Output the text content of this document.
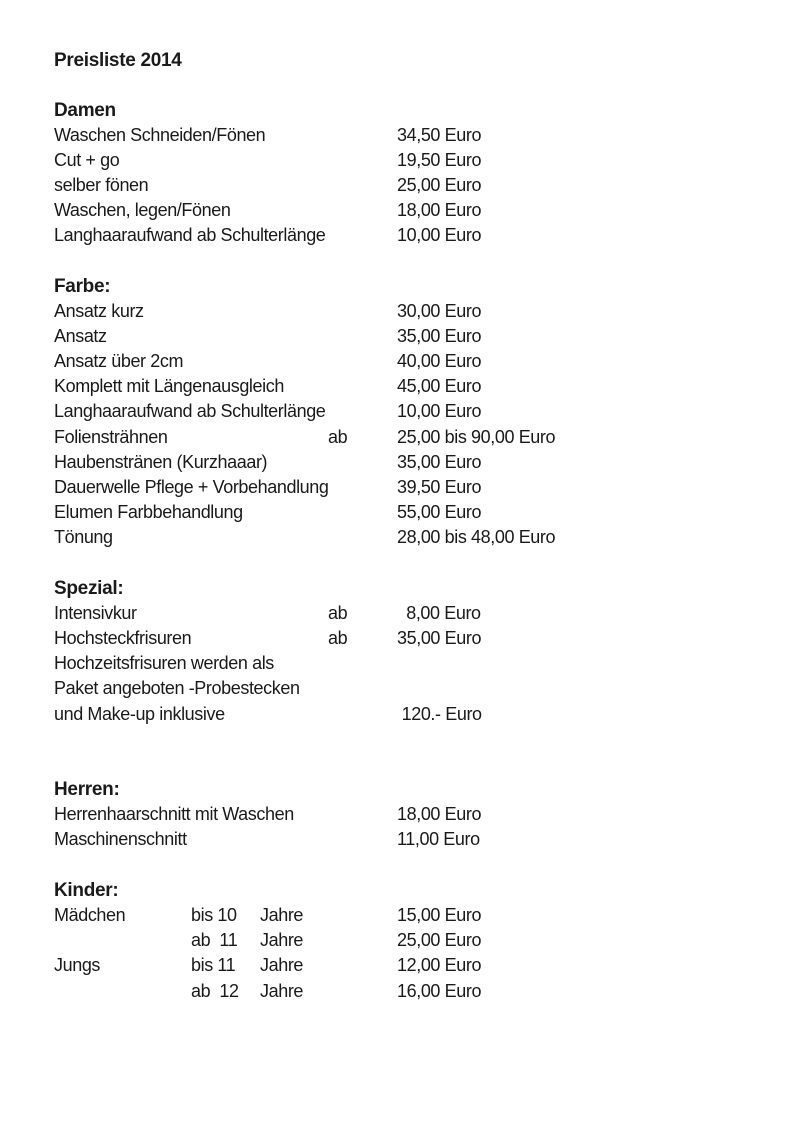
Preisliste 2014
Damen
Waschen Schneiden/Fönen	34,50 Euro
Cut + go	19,50 Euro
selber fönen	25,00 Euro
Waschen, legen/Fönen	18,00 Euro
Langhaaraufwand ab Schulterlänge	10,00 Euro
Farbe:
Ansatz kurz	30,00 Euro
Ansatz	35,00 Euro
Ansatz über 2cm	40,00 Euro
Komplett mit Längenausgleich	45,00 Euro
Langhaaraufwand ab Schulterlänge	10,00 Euro
Foliensträhnen	ab	25,00 bis 90,00 Euro
Haubenstränen (Kurzhaaar)	35,00 Euro
Dauerwelle Pflege + Vorbehandlung	39,50 Euro
Elumen Farbbehandlung	55,00 Euro
Tönung	28,00 bis 48,00 Euro
Spezial:
Intensivkur	ab	8,00 Euro
Hochsteckfrisuren	ab	35,00 Euro
Hochzeitsfrisuren werden als
Paket angeboten -Probestecken
und Make-up inklusive	120.- Euro
Herren:
Herrenhaarschnitt mit Waschen	18,00 Euro
Maschinenschnitt	11,00 Euro
Kinder:
Mädchen	bis 10 Jahre	15,00 Euro
ab  11 Jahre	25,00 Euro
Jungs	bis 11 Jahre	12,00 Euro
ab  12 Jahre	16,00 Euro
